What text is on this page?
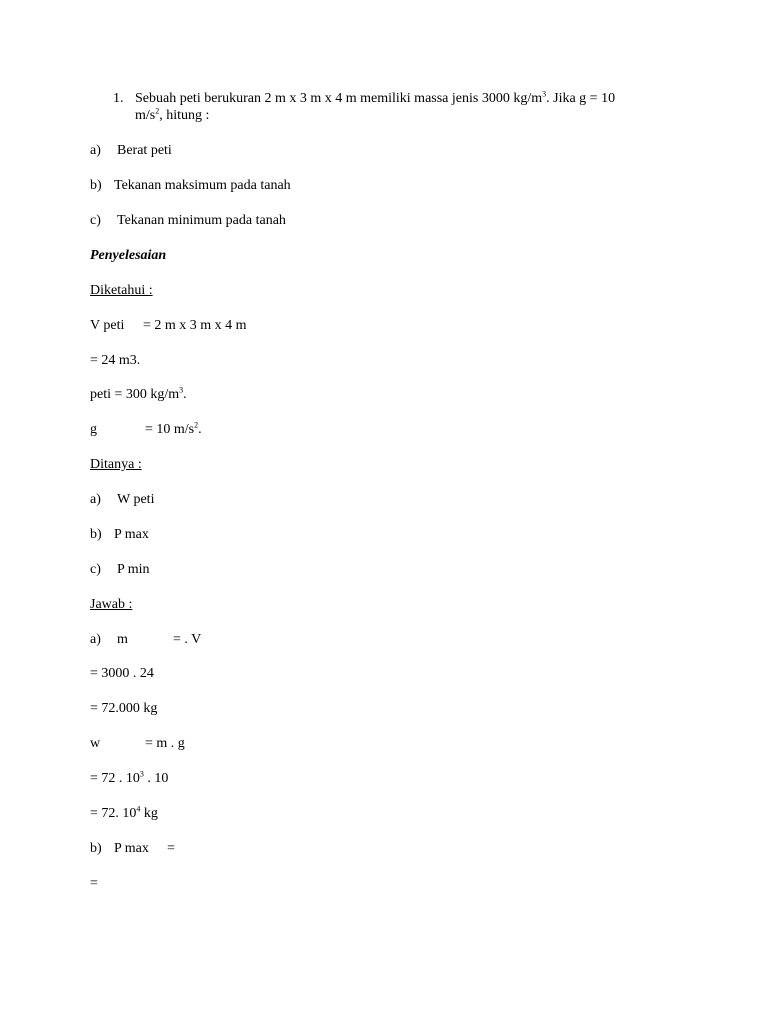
1. Sebuah peti berukuran 2 m x 3 m x 4 m memiliki massa jenis 3000 $kg/m^3$. Jika g = 10
$m/s^2$, hitung :
a) Berat peti
b) Tekanan maksimum pada tanah
c) Tekanan minimum pada tanah
Penyelesaian
Diketahui :
V peti = 2 m x 3 m x 4 m
= 24 m3.
peti = 300 $kg/m^3$.
g	= 10 $m/s^2$.
Ditanya :
a) W peti
b) P max
c) P min
Jawab :
a) m	= . V
= 3000 . 24
= 72.000 kg
w	= m . g
= 72 . $10^3$ . 10
= 72. $10^4$ kg
b) P max =
=
